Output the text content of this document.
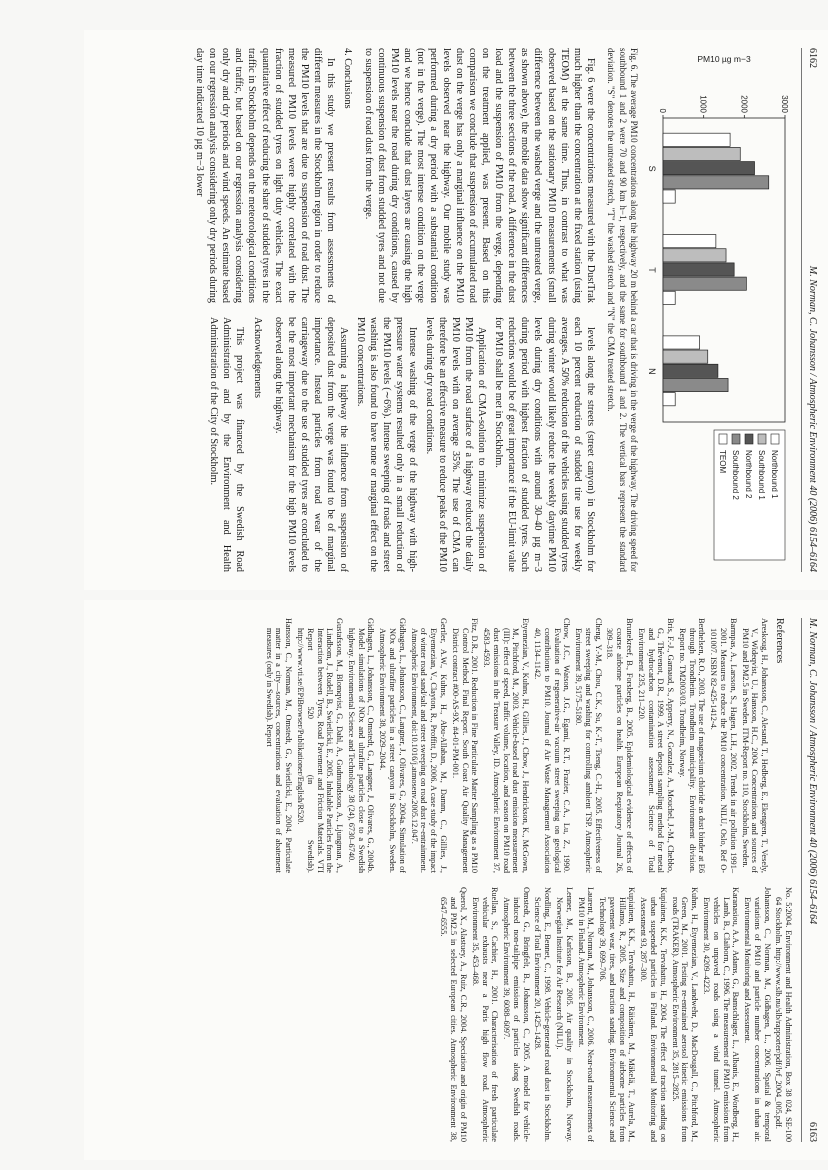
6162
M. Norman, C. Johansson / Atmospheric Environment 40 (2006) 6154–6164
0	1000	2000	3000
PM10 µg m−3
S
T
N
Northbound 1
Southbound 1
Northbound 2
Southbound 2
TEOM
Fig. 6. The average PM10 concentrations along the highway 20 m behind a car that is driving in the verge of the highway. The driving speed for southbound 1 and 2 were 70 and 90 km h−1, respectively, and the same for southbound 1 and 2. The vertical bars represent the standard deviation. "S" denotes the untreated stretch, "T" the washed stretch and "N" the CMA treated stretch.

Fig. 6 were the concentrations measured with the DustTrak much higher than the concentration at the fixed station (using TEOM) at the same time. Thus, in contrast to what was observed based on the stationary PM10 measurements (small difference between the washed verge and the untreated verge, as shown above), the mobile data show significant differences between the three sections of the road. A difference in the dust load and the suspension of PM10 from the verge, depending on the treatment applied, was present. Based on this comparison we conclude that suspension of accumulated road dust on the verge has only a marginal influence on the PM10 levels observed near the highway. Our mobile study was performed during a dry period with a substantial condition (not in the verge). The most intense condition on the verge and we hence conclude that dust layers are causing the high PM10 levels near the road during dry conditions, caused by continuous suspension of dust from studded tyres and not due to suspension of road dust from the verge.

4. Conclusions

In this study we present results from assessments of different measures in the Stockholm region in order to reduce the PM10 levels that are due to suspension of road dust. The measured PM10 levels were highly correlated with the fraction of studded tyres on light duty vehicles. The exact quantitative effect of reducing the share of studded tyres in the traffic in Stockholm depends on the meteorological conditions and traffic, but based on our regression analysis considering only dry and dry periods and wind speeds. An estimate based on our regression analysis considering only dry periods during day time indicated 10 µg m−3 lower

levels along the streets (street canyon) in Stockholm for each 10 percent reduction of studded tire use for weekly averages. A 50% reduction of the vehicles using studded tyres during winter would likely reduce the weekly daytime PM10 levels during dry conditions with around 30–40 µg m−3 during period with highest fraction of studded tyres. Such reductions would be of great importance if the EU-limit value for PM10 shall be met in Stockholm.

Application of CMA-solution to minimize suspension of PM10 from the road surface of a highway reduced the daily PM10 levels with on average 35%. The use of CMA can therefore be an effective measure to reduce peaks of the PM10 levels during dry road conditions.

Intense washing of the verge of the highway with high-pressure water systems resulted only in a small reduction of the PM10 levels (∼6%). Intense sweeping of roads and street washing is also found to have none or marginal effect on the PM10 concentrations.

Assuming a highway the influence from suspension of deposited dust from the verge was found to be of marginal importance. Instead particles from road wear of the carriageway due to the use of studded tyres are concluded to be the most important mechanism for the high PM10 levels observed along the highway.

Acknowledgements

This project was financed by the Swedish Road Administration and by the Environment and Health Administration of the City of Stockholm.

M. Norman, C. Johansson / Atmospheric Environment 40 (2006) 6154–6164
6163
References

Areskoug, H., Johansson, C., Alesand, T., Hedberg, E., Ekengren, T., Vesely, V., Wideqvist, U., Hansson, H.C., 2004. Concentrations and sources of PM10 and PM2.5 in Sweden. ITM-Report no. 110, Stockholm, Sweden.

Barmpas, A., Larsson, S., Hagen, L.H., 2002. Trends in air pollution 1991–2001. Measures to reduce the PM10 concentration. NILU, Oslo, Ref O-101007. ISBN 82-425-1412-4.

Berthelsen, R.O., 2003. The use of magnesium chloride as dust binder at E6 through Trondheim. Trondheim municipality. Environment division. Report no. TM2003/03. Trondheim, Norway.

Bris, F.-J., Garnaud, S., Apperry, N., Gonzalez, A., Mouchel, J.-M., Chebbo, G., Thévenot, D.R., 1999. A street deposit sampling method for metal and hydrocarbon contamination assessment. Science of Total Environment 235, 211–220.

Brunekreef, B., Forsberg, B., 2005. Epidemiological evidence of effects of coarse airborne particles on health. European Respiratory Journal 26, 309–318.

Cheng, Y.-M., Chou, C.K., Su, K.-T., Tseng, C.-H., 2005. Effectiveness of street sweeping and washing for controlling ambient TSP. Atmospheric Environment 39, 5175–5180.

Chow, J.C., Watson, J.G., Egami, R.T., Frazier, C.A., Lu, Z., 1990. Evaluation of regenerative-air vacuum street sweeping on geological contributions to PM10. Journal of Air Waste Management Association 40, 1134–1142.

Etyemezian, V., Kuhns, H., Gillies, J., Chow, J., Hendrickson, K., McGown, M., Pitchford, M., 2003. Vehicle-based road dust emission measurement (III): effect of speed, traffic volume, location, and season on PM10 road dust emissions in the Treasure Valley, ID. Atmospheric Environment 37, 4583–4593.

Fitz, D.R., 2001. Reduction in Fine Particulate Matter Sampling as a PM10 Control Method. Final Report. South Coast Air Quality Management District contract #00-AS-9X. #4-01-PM-001.

Gertler, A.W., Kuhns, H., Abu-Allaban, M., Damm, C., Gillies, J., Etyemezian, V., Clayton, R., Proffitt, D., 2006. A case study of the impact of winter road sand/salt and street sweeping on road dust re-entrainment. Atmospheric Environment, doi:10.1016/j.atmosenv.2005.12.047.

Gidhagen, L., Johansson, C., Langner, J., Olivares, G., 2004a. Simulation of NOx and ultrafine particles in a street canyon in Stockholm, Sweden. Atmospheric Environment 38, 2029–2044.

Gidhagen, L., Johansson, C., Omstedt, G., Langner, J., Olivares, G., 2004b. Model simulations of NOx and ultrafine particles close to a Swedish highway. Environmental Science and Technology 38 (24), 6730–6740.

Gustafsson, M., Blomqvist, G., Dahl, A., Gudmundsson, A., Ljungman, A., Lindbom, J., Rudell, B., Swietlicki, E., 2005. Inhalable Particles from the Interaction between Tyres, Road Pavement and Friction Materials. VTI Report 520 (in Swedish). http://www.vti.se/EPiBrowser/Publikationer/English/R520.

Hansson, C., Norman, M., Omstedt, G., Swietlicki, E., 2004. Particulate matter in a city—sources, concentrations and evaluation of abatement measures (only in Swedish). Report

No. 5:2004. Environment and Health Administration, Box 38 024, SE-100 64 Stockholm. http://www.slb.nu/slb/rapporter/pdf/lvf_2004_005.pdf.

Johansson, C., Norman, M., Gidhagen, L., 2006. Spatial & temporal variations of PM10 and particle number concentrations in urban air. Environmental Monitoring and Assessment.

Karanasiou, A.A., Adams, G., Bamschlager, L., Albanis, E., Wordberg, H., Lamb, B., Claiborn, C., 1996. The measurement of PM10 emissions from vehicles on unpaved roads using a wind tunnel. Atmospheric Environment 30, 4209–4223.

Kuhns, H., Etyemezian, V., Landwehr, D., MacDougall, C., Pitchford, M., Green, M., 2001. Testing re-entrained aerosol kinetic emissions from roads (TRAKER). Atmospheric Environment 35, 2815–2825.

Kupiainen, K.K., Tervahattu, H., 2004. The effect of traction sanding on urban suspended particles in Finland. Environmental Monitoring and Assessment 93, 287–300.

Kupiainen, K.K., Tervahattu, H., Räisänen, M., Mäkelä, T., Aurela, M., Hillamo, R., 2005. Size and composition of airborne particles from pavement wear, tires, and traction sanding. Environmental Science and Technology 39, 699–706.

Laurent, M., Norman, M., Johansson, C., 2006. Near-road measurements of PM10 in Finland. Atmospheric Environment.

Lenner, M., Karlsson, B., 2005. Air quality in Stockholm, Norway. Norwegian Institute for Air Research (NILU).

Nordling, E., Bennet, C., 1998. Vehicle-generated road dust in Stockholm. Science of Total Environment 20, 1425–1428.

Omstedt, G., Bringfelt, B., Johansson, C., 2005. A model for vehicle-induced non-tailpipe emissions of particles along Swedish roads. Atmospheric Environment 39, 6088–6097.

Ruellan, S., Cachier, H., 2001. Characterisation of fresh particulate vehicular exhausts near a Paris high flow road. Atmospheric Environment 35, 453–468.

Querol, X., Alastuey, A., Ruiz, C.R., 2004. Speciation and origin of PM10 and PM2.5 in selected European cities. Atmospheric Environment 38, 6547–6555.
